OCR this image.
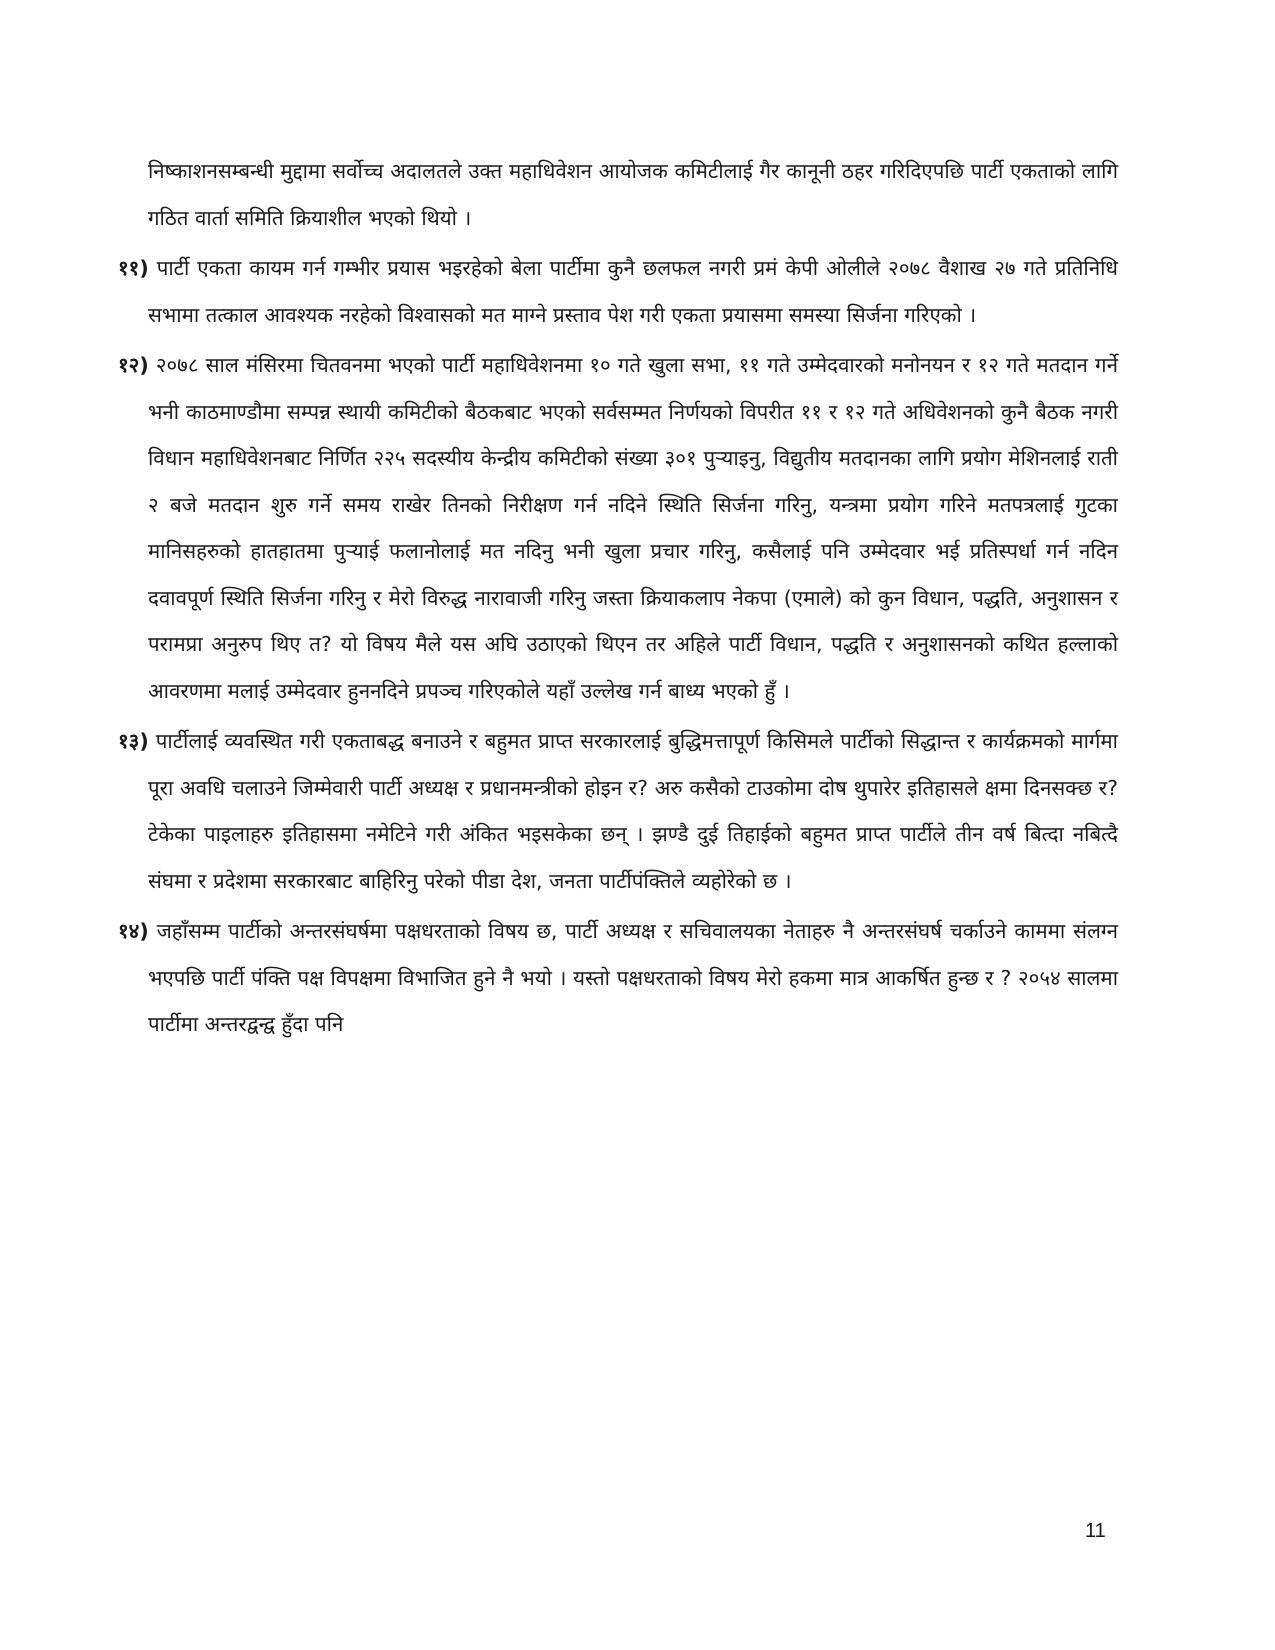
निष्काशनसम्बन्धी मुद्दामा सर्वोच्च अदालतले उक्त महाधिवेशन आयोजक कमिटीलाई गैर कानूनी ठहर गरिदिएपछि पार्टी एकताको लागि गठित वार्ता समिति क्रियाशील भएको थियो ।

११) पार्टी एकता कायम गर्न गम्भीर प्रयास भइरहेको बेला पार्टीमा कुनै छलफल नगरी प्रमं केपी ओलीले २०७८ वैशाख २७ गते प्रतिनिधि सभामा तत्काल आवश्यक नरहेको विश्वासको मत माग्ने प्रस्ताव पेश गरी एकता प्रयासमा समस्या सिर्जना गरिएको ।

१२) २०७८ साल मंसिरमा चितवनमा भएको पार्टी महाधिवेशनमा १० गते खुला सभा, ११ गते उम्मेदवारको मनोनयन र १२ गते मतदान गर्ने भनी काठमाण्डौमा सम्पन्न स्थायी कमिटीको बैठकबाट भएको सर्वसम्मत निर्णयको विपरीत ११ र १२ गते अधिवेशनको कुनै बैठक नगरी विधान महाधिवेशनबाट निर्णित २२५ सदस्यीय केन्द्रीय कमिटीको संख्या ३०१ पुर्‍याइनु, विद्युतीय मतदानका लागि प्रयोग मेशिनलाई राती २ बजे मतदान शुरु गर्ने समय राखेर तिनको निरीक्षण गर्न नदिने स्थिति सिर्जना गरिनु, यन्त्रमा प्रयोग गरिने मतपत्रलाई गुटका मानिसहरुको हातहातमा पुर्‍याई फलानोलाई मत नदिनु भनी खुला प्रचार गरिनु, कसैलाई पनि उम्मेदवार भई प्रतिस्पर्धा गर्न नदिन दवावपूर्ण स्थिति सिर्जना गरिनु र मेरो विरुद्ध नारावाजी गरिनु जस्ता क्रियाकलाप नेकपा (एमाले) को कुन विधान, पद्धति, अनुशासन र परामप्रा अनुरुप थिए त? यो विषय मैले यस अघि उठाएको थिएन तर अहिले पार्टी विधान, पद्धति र अनुशासनको कथित हल्लाको आवरणमा मलाई उम्मेदवार हुननदिने प्रपञ्च गरिएकोले यहाँ उल्लेख गर्न बाध्य भएको हुँ ।

१३) पार्टीलाई व्यवस्थित गरी एकताबद्ध बनाउने र बहुमत प्राप्त सरकारलाई बुद्धिमत्तापूर्ण किसिमले पार्टीको सिद्धान्त र कार्यक्रमको मार्गमा पूरा अवधि चलाउने जिम्मेवारी पार्टी अध्यक्ष र प्रधानमन्त्रीको होइन र? अरु कसैको टाउकोमा दोष थुपारेर इतिहासले क्षमा दिनसक्छ र? टेकेका पाइलाहरु इतिहासमा नमेटिने गरी अंकित भइसकेका छन् । झण्डै दुई तिहाईको बहुमत प्राप्त पार्टीले तीन वर्ष बित्दा नबित्दै संघमा र प्रदेशमा सरकारबाट बाहिरिनु परेको पीडा देश, जनता पार्टीपंक्तिले व्यहोरेको छ ।

१४) जहाँसम्म पार्टीको अन्तरसंघर्षमा पक्षधरताको विषय छ, पार्टी अध्यक्ष र सचिवालयका नेताहरु नै अन्तरसंघर्ष चर्काउने काममा संलग्न भएपछि पार्टी पंक्ति पक्ष विपक्षमा विभाजित हुने नै भयो । यस्तो पक्षधरताको विषय मेरो हकमा मात्र आकर्षित हुन्छ र ? २०५४ सालमा पार्टीमा अन्तरद्वन्द्व हुँदा पनि

11
